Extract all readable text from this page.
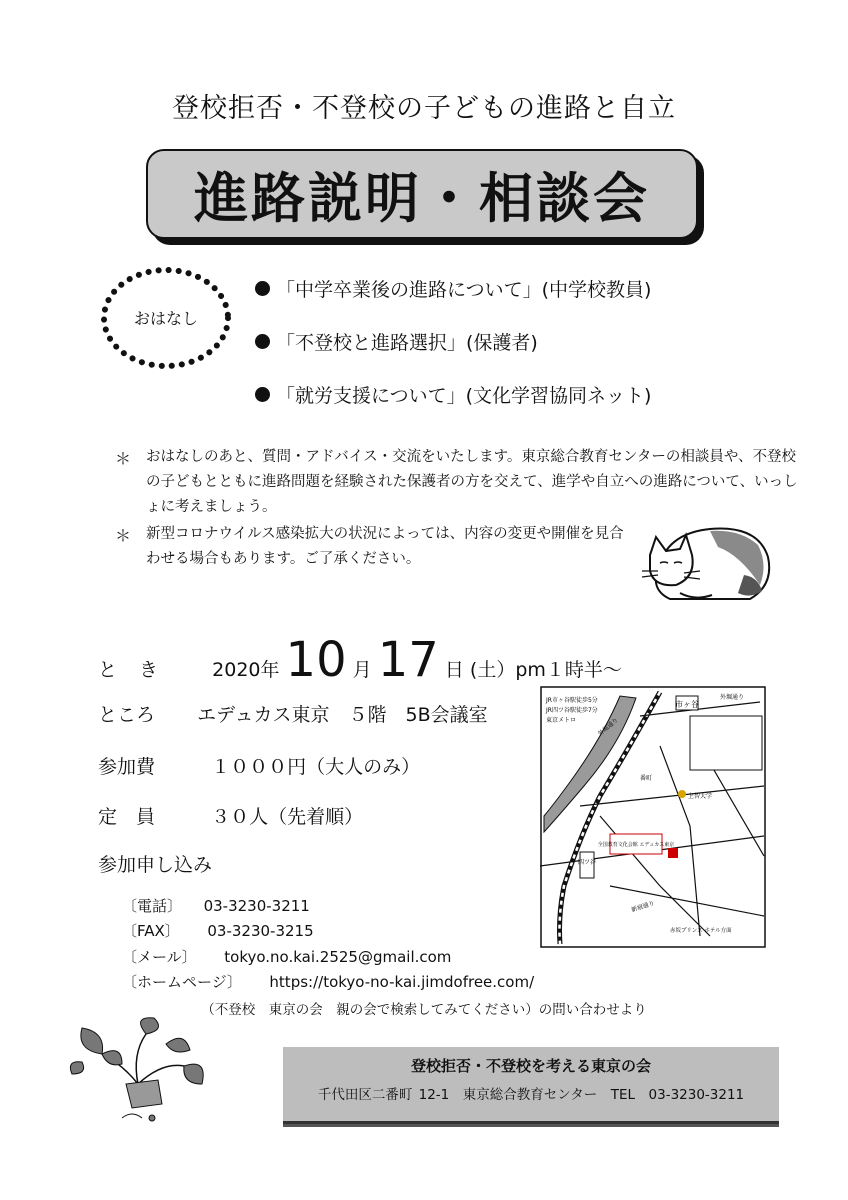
登校拒否・不登校の子どもの進路と自立
進路説明・相談会
おはなし
「中学卒業後の進路について」(中学校教員)
「不登校と進路選択」(保護者)
「就労支援について」(文化学習協同ネット)
＊ おはなしのあと、質問・アドバイス・交流をいたします。東京総合教育センターの相談員や、不登校の子どもとともに進路問題を経験された保護者の方を交えて、進学や自立への進路について、いっしょに考えましょう。
＊ 新型コロナウイルス感染拡大の状況によっては、内容の変更や開催を見合わせる場合もあります。ご了承ください。
と き 2020年 10 月 17 日 (土）pm１時半～
ところ エデュカス東京　５階　5B会議室
参加費	１０００円（大人のみ）
定　員	３０人（先着順）
参加申し込み
〔電話〕 03-3230-3211
〔FAX〕 03-3230-3215
〔メール〕 tokyo.no.kai.2525@gmail.com
〔ホームページ〕 https://tokyo-no-kai.jimdofree.com/
市ヶ谷
四ツ谷
JR市ヶ谷駅徒歩5分
JR四ツ谷駅徒歩7分
東京メトロ
外堀通り
全国教育文化会館 エデュカス東京
上智大学
番町
新宿通り
赤坂プリンス ホテル方面
外堀通り
（不登校　東京の会　親の会で検索してみてください）の問い合わせより
登校拒否・不登校を考える東京の会
千代田区二番町 12-1　東京総合教育センター　TEL　03-3230-3211
